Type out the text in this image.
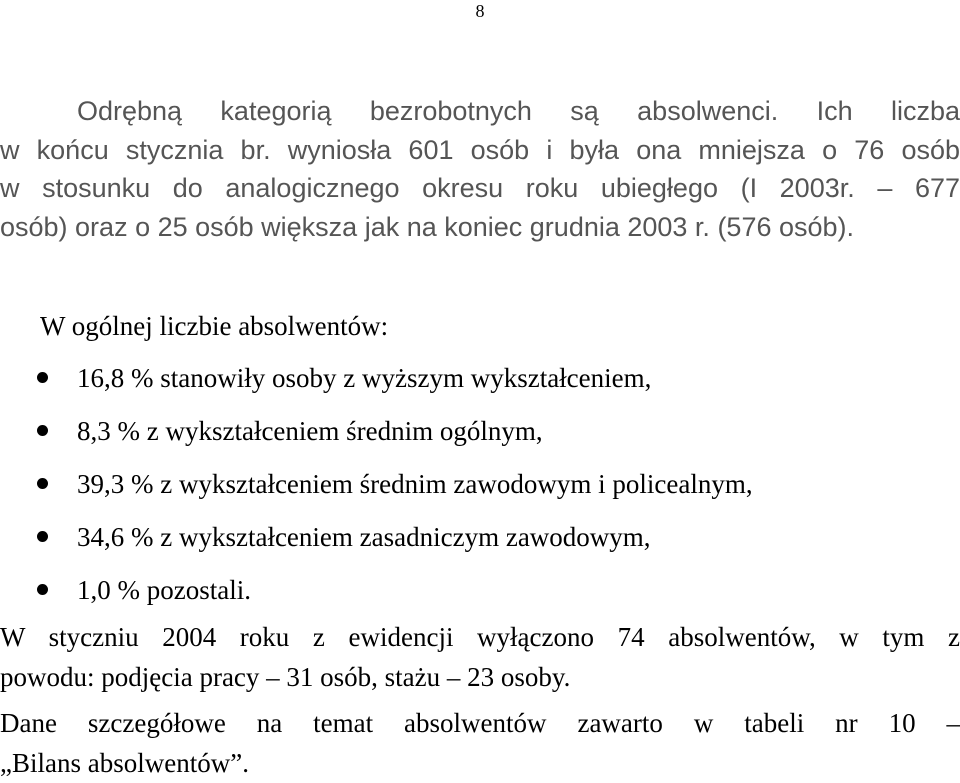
8
Odrębną kategorią bezrobotnych są absolwenci. Ich liczba
w końcu stycznia br. wyniosła 601 osób i była ona mniejsza o 76 osób
w stosunku do analogicznego okresu roku ubiegłego (I 2003r. – 677
osób) oraz o 25 osób większa jak na koniec grudnia 2003 r. (576 osób).
W ogólnej liczbie absolwentów:
16,8 % stanowiły osoby z wyższym wykształceniem,
8,3 % z wykształceniem średnim ogólnym,
39,3 % z wykształceniem średnim zawodowym i policealnym,
34,6 % z wykształceniem zasadniczym zawodowym,
1,0 % pozostali.
W styczniu 2004 roku z ewidencji wyłączono 74 absolwentów, w tym z
powodu: podjęcia pracy – 31 osób, stażu – 23 osoby.
Dane szczegółowe na temat absolwentów zawarto w tabeli nr 10 –
„Bilans absolwentów”.
